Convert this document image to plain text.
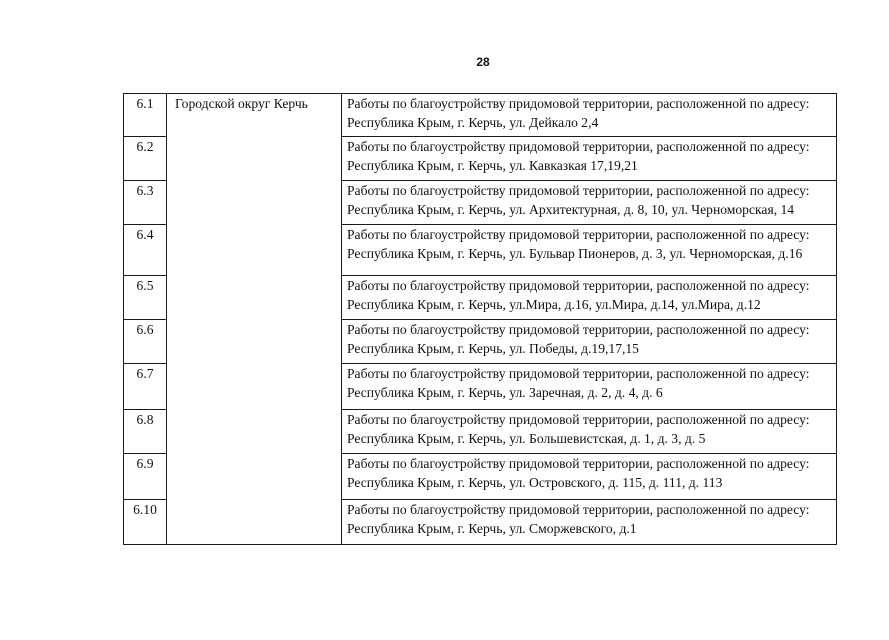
28
6.1	Городской округ Керчь	Работы по благоустройству придомовой территории, расположенной по адресу:
Республика Крым, г. Керчь, ул. Дейкало 2,4

6.2		Работы по благоустройству придомовой территории, расположенной по адресу:
Республика Крым, г. Керчь, ул. Кавказкая 17,19,21

6.3		Работы по благоустройству придомовой территории, расположенной по адресу:
Республика Крым, г. Керчь, ул. Архитектурная, д. 8, 10, ул. Черноморская, 14

6.4		Работы по благоустройству придомовой территории, расположенной по адресу:
Республика Крым, г. Керчь, ул. Бульвар Пионеров, д. 3, ул. Черноморская, д.16

6.5		Работы по благоустройству придомовой территории, расположенной по адресу:
Республика Крым, г. Керчь, ул.Мира, д.16, ул.Мира, д.14, ул.Мира, д.12

6.6		Работы по благоустройству придомовой территории, расположенной по адресу:
Республика Крым, г. Керчь, ул. Победы, д.19,17,15

6.7		Работы по благоустройству придомовой территории, расположенной по адресу:
Республика Крым, г. Керчь, ул. Заречная, д. 2, д. 4, д. 6

6.8		Работы по благоустройству придомовой территории, расположенной по адресу:
Республика Крым, г. Керчь, ул. Большевистская, д. 1, д. 3, д. 5

6.9		Работы по благоустройству придомовой территории, расположенной по адресу:
Республика Крым, г. Керчь, ул. Островского, д. 115, д. 111, д. 113

6.10		Работы по благоустройству придомовой территории, расположенной по адресу:
Республика Крым, г. Керчь, ул. Сморжевского, д.1
